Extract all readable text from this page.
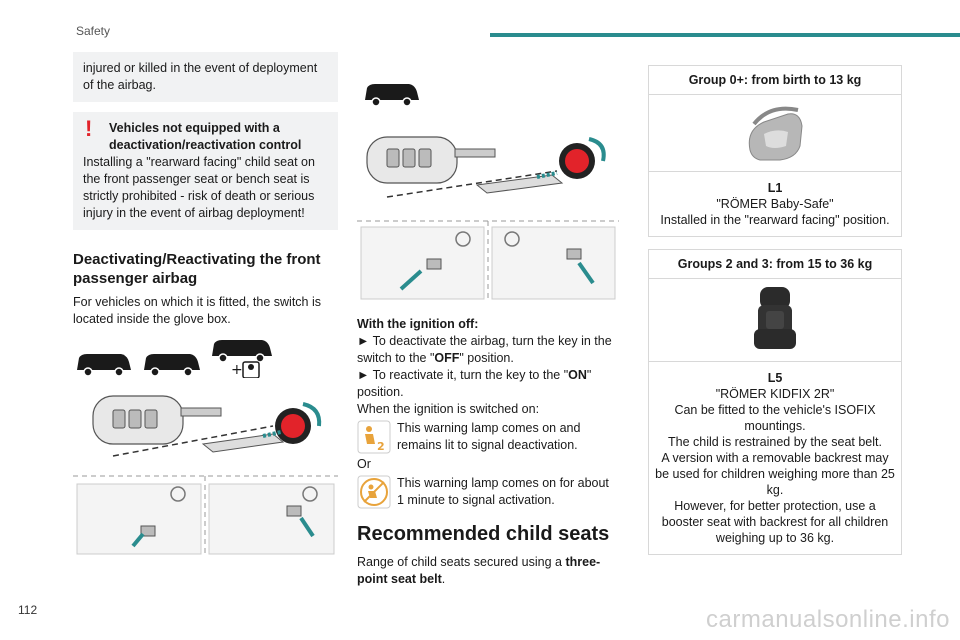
Safety
injured or killed in the event of deployment of the airbag.
!	Vehicles not equipped with a deactivation/reactivation control
Installing a "rearward facing" child seat on the front passenger seat or bench seat is strictly prohibited - risk of death or serious injury in the event of airbag deployment!
Deactivating/Reactivating the front passenger airbag
For vehicles on which it is fitted, the switch is located inside the glove box.
+

With the ignition off:
► To deactivate the airbag, turn the key in the switch to the "OFF" position.
► To reactivate it, turn the key to the "ON" position.
When the ignition is switched on:
2
This warning lamp comes on and remains lit to signal deactivation.
Or
This warning lamp comes on for about 1 minute to signal activation.
Recommended child seats
Range of child seats secured using a three-point seat belt.
Group 0+: from birth to 13 kg
L1
"RÖMER Baby-Safe"
Installed in the "rearward facing" position.
Groups 2 and 3: from 15 to 36 kg
L5
"RÖMER KIDFIX 2R"
Can be fitted to the vehicle's ISOFIX mountings.
The child is restrained by the seat belt.
A version with a removable backrest may be used for children weighing more than 25 kg.
However, for better protection, use a booster seat with backrest for all children weighing up to 36 kg.
112	carmanualsonline.info
